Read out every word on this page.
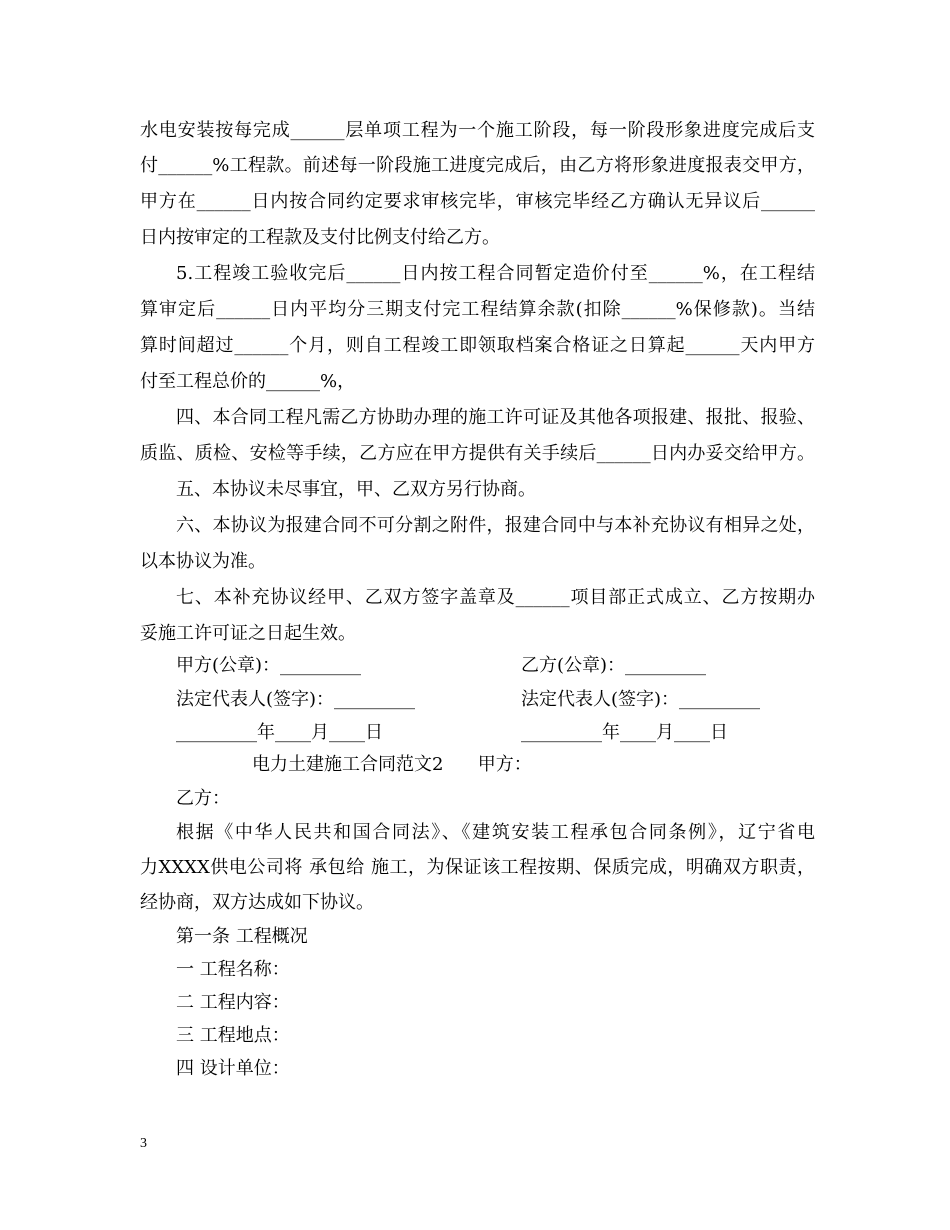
水电安装按每完成______层单项工程为一个施工阶段，每一阶段形象进度完成后支
付______%工程款。前述每一阶段施工进度完成后，由乙方将形象进度报表交甲方，
甲方在______日内按合同约定要求审核完毕，审核完毕经乙方确认无异议后______
日内按审定的工程款及支付比例支付给乙方。
5.工程竣工验收完后______日内按工程合同暂定造价付至______%，在工程结
算审定后______日内平均分三期支付完工程结算余款(扣除______%保修款)。当结
算时间超过______个月，则自工程竣工即领取档案合格证之日算起______天内甲方
付至工程总价的______%，
四、本合同工程凡需乙方协助办理的施工许可证及其他各项报建、报批、报验、
质监、质检、安检等手续，乙方应在甲方提供有关手续后______日内办妥交给甲方。
五、本协议未尽事宜，甲、乙双方另行协商。
六、本协议为报建合同不可分割之附件，报建合同中与本补充协议有相异之处，
以本协议为准。
七、本补充协议经甲、乙双方签字盖章及______项目部正式成立、乙方按期办
妥施工许可证之日起生效。
甲方(公章)：_________	乙方(公章)：_________
法定代表人(签字)：_________	法定代表人(签字)：_________
_________年____月____日	_________年____月____日
电力土建施工合同范文2      甲方：
乙方：
根据《中华人民共和国合同法》、《建筑安装工程承包合同条例》，辽宁省电
力XXXX供电公司将 承包给 施工，为保证该工程按期、保质完成，明确双方职责，
经协商，双方达成如下协议。
第一条 工程概况
一 工程名称：
二 工程内容：
三 工程地点：
四 设计单位：
3
